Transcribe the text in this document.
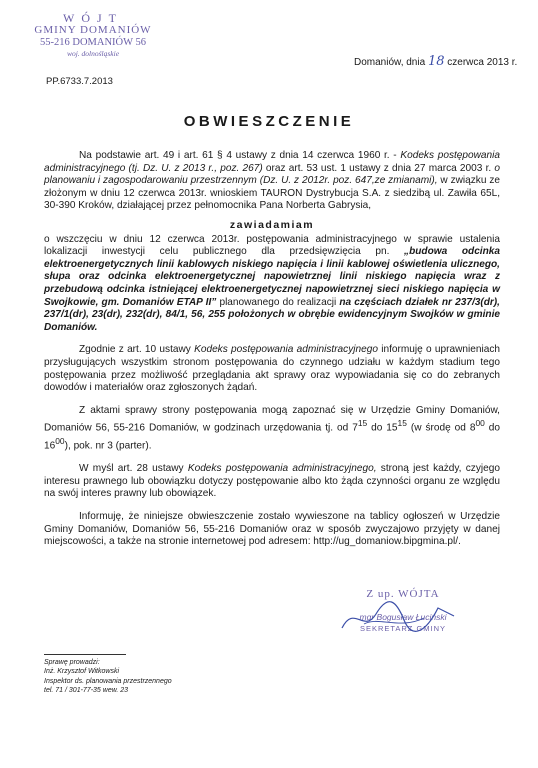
WÓJT
GMINY DOMANIÓW
55-216 DOMANIÓW 56
woj. dolnośląskie
PP.6733.7.2013
Domaniów, dnia 18 czerwca 2013 r.
OBWIESZCZENIE

Na podstawie art. 49 i art. 61 § 4 ustawy z dnia 14 czerwca 1960 r. - Kodeks postępowania administracyjnego (tj. Dz. U. z 2013 r., poz. 267) oraz art. 53 ust. 1 ustawy z dnia 27 marca 2003 r. o planowaniu i zagospodarowaniu przestrzennym (Dz. U. z 2012r. poz. 647,ze zmianami), w związku ze złożonym w dniu 12 czerwca 2013r. wnioskiem TAURON Dystrybucja S.A. z siedzibą ul. Zawiła 65L, 30-390 Kroków, działającej przez pełnomocnika Pana Norberta Gabrysia,

zawiadamiam

o wszczęciu w dniu 12 czerwca 2013r. postępowania administracyjnego w sprawie ustalenia lokalizacji inwestycji celu publicznego dla przedsięwzięcia pn. „budowa odcinka elektroenergetycznych linii kablowych niskiego napięcia i linii kablowej oświetlenia ulicznego, słupa oraz odcinka elektroenergetycznej napowietrznej linii niskiego napięcia wraz z przebudową odcinka istniejącej elektroenergetycznej napowietrznej sieci niskiego napięcia w Swojkowie, gm. Domaniów ETAP II” planowanego do realizacji na częściach działek nr 237/3(dr), 237/1(dr), 23(dr), 232(dr), 84/1, 56, 255 położonych w obrębie ewidencyjnym Swojków w gminie Domaniów.

Zgodnie z art. 10 ustawy Kodeks postępowania administracyjnego informuję o uprawnieniach przysługujących wszystkim stronom postępowania do czynnego udziału w każdym stadium tego postępowania przez możliwość przeglądania akt sprawy oraz wypowiadania się co do zebranych dowodów i materiałów oraz zgłoszonych żądań.

Z aktami sprawy strony postępowania mogą zapoznać się w Urzędzie Gminy Domaniów, Domaniów 56, 55-216 Domaniów, w godzinach urzędowania tj. od $7^{15}$ do $15^{15}$ (w środę od $8^{00}$ do $16^{00}$), pok. nr 3 (parter).

W myśl art. 28 ustawy Kodeks postępowania administracyjnego, stroną jest każdy, czyjego interesu prawnego lub obowiązku dotyczy postępowanie albo kto żąda czynności organu ze względu na swój interes prawny lub obowiązek.

Informuję, że niniejsze obwieszczenie zostało wywieszone na tablicy ogłoszeń w Urzędzie Gminy Domaniów, Domaniów 56, 55-216 Domaniów oraz w sposób zwyczajowo przyjęty w danej miejscowości, a także na stronie internetowej pod adresem: http://ug_domaniow.bipgmina.pl/.

Z up. WÓJTA
mgr Bogusław Łuciński
SEKRETARZ GMINY
Sprawę prowadzi:
Inż. Krzysztof Witkowski
Inspektor ds. planowania przestrzennego
tel. 71 / 301-77-35 wew. 23
